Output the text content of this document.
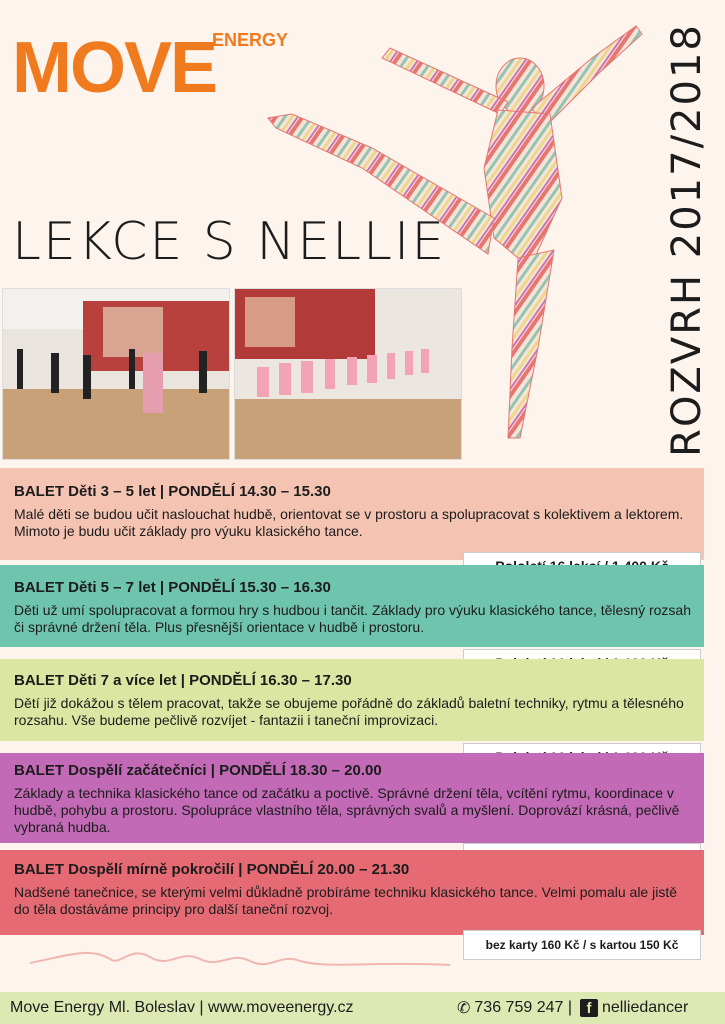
MOVE
ENERGY	ROZVRH 2017/2018
LEKCE S NELLIE
BALET Děti 3 – 5 let | PONDĚLÍ 14.30 – 15.30

Malé děti se budou učit naslouchat hudbě, orientovat se v prostoru a spolupracovat s kolektivem a lektorem. Mimoto je budu učit základy pro výuku klasického tance.

BALET Děti 5 – 7 let | PONDĚLÍ 15.30 – 16.30

Děti už umí spolupracovat a formou hry s hudbou i tančit. Základy pro výuku klasického tance, tělesný rozsah či správné držení těla. Plus přesnější orientace v hudbě i prostoru.

BALET Děti 7 a více let | PONDĚLÍ 16.30 – 17.30

Dětí již dokážou s tělem pracovat, takže se obujeme pořádně do základů baletní techniky, rytmu a tělesného rozsahu. Vše budeme pečlivě rozvíjet - fantazii i taneční improvizaci.

BALET Dospělí začátečníci | PONDĚLÍ 18.30 – 20.00

Základy a technika klasického tance od začátku a poctivě. Správné držení těla, vcítění rytmu, koordinace v hudbě, pohybu a prostoru. Spolupráce vlastního těla, správných svalů a myšlení. Doprovází krásná, pečlivě vybraná hudba.

BALET Dospělí mírně pokročilí | PONDĚLÍ 20.00 – 21.30

Nadšené tanečnice, se kterými velmi důkladně probíráme techniku klasického tance. Velmi pomalu ale jistě do těla dostáváme principy pro další taneční rozvoj.

bez karty 160 Kč / s kartou 150 Kč
Move Energy Ml. Boleslav | www.moveenergy.cz	✆ 736 759 247 | f nelliedancer
